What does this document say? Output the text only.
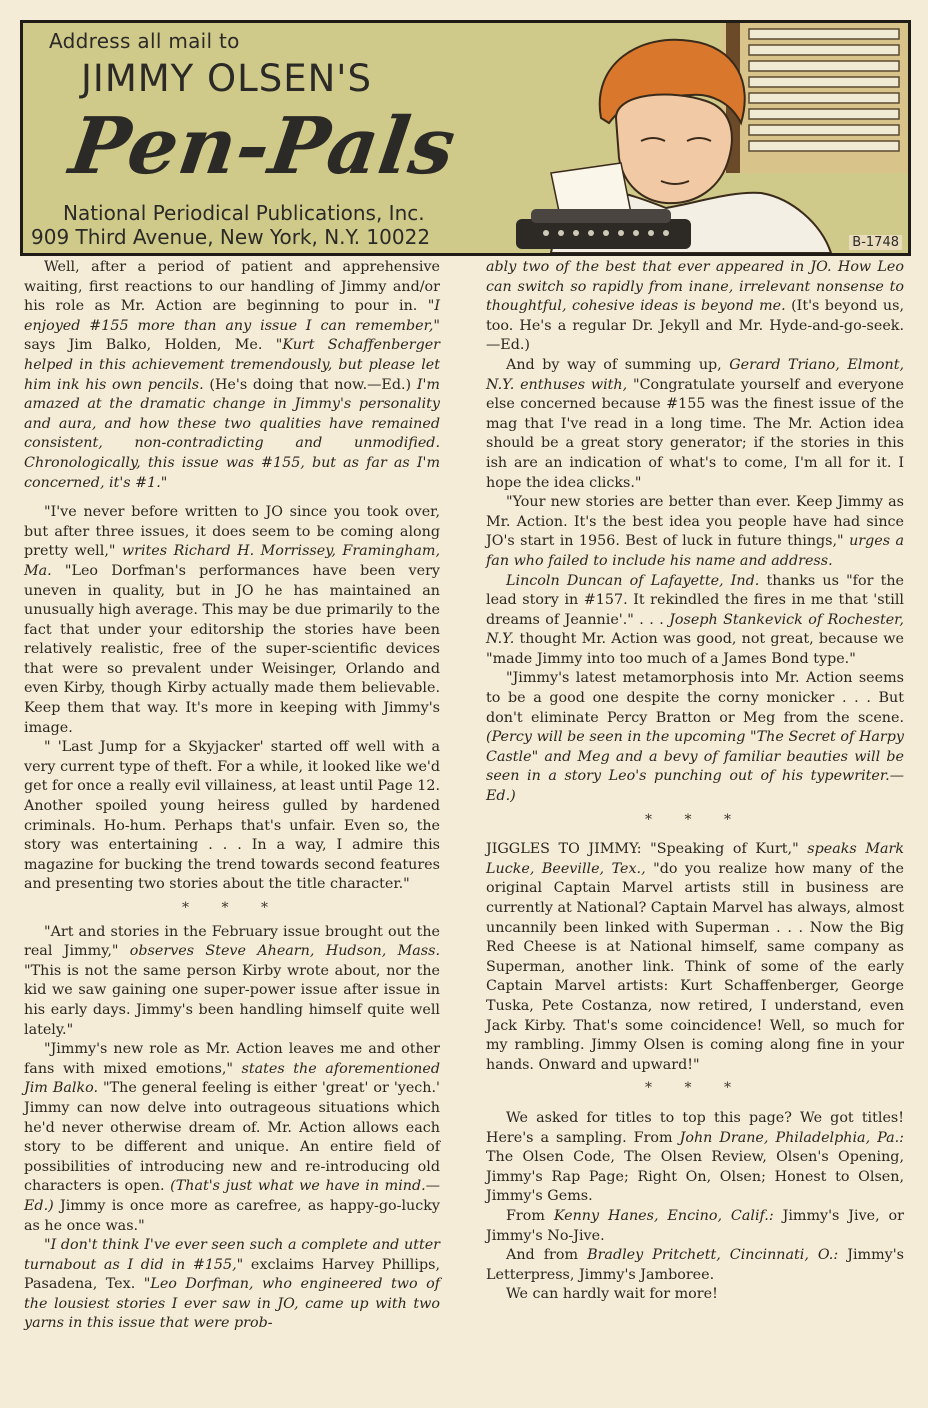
Address all mail to
JIMMY OLSEN'S
Pen-Pals
National Periodical Publications, Inc.
909 Third Avenue, New York, N.Y. 10022	B-1748

Well, after a period of patient and apprehensive waiting, first reactions to our handling of Jimmy and/or his role as Mr. Action are beginning to pour in. "I enjoyed #155 more than any issue I can remember," says Jim Balko, Holden, Me. "Kurt Schaffenberger helped in this achievement tremendously, but please let him ink his own pencils. (He's doing that now.—Ed.) I'm amazed at the dramatic change in Jimmy's personality and aura, and how these two qualities have remained consistent, non-contradicting and unmodified. Chronologically, this issue was #155, but as far as I'm concerned, it's #1."

"I've never before written to JO since you took over, but after three issues, it does seem to be coming along pretty well," writes Richard H. Morrissey, Framingham, Ma. "Leo Dorfman's performances have been very uneven in quality, but in JO he has maintained an unusually high average. This may be due primarily to the fact that under your editorship the stories have been relatively realistic, free of the super-scientific devices that were so prevalent under Weisinger, Orlando and even Kirby, though Kirby actually made them believable. Keep them that way. It's more in keeping with Jimmy's image.

" 'Last Jump for a Skyjacker' started off well with a very current type of theft. For a while, it looked like we'd get for once a really evil villainess, at least until Page 12. Another spoiled young heiress gulled by hardened criminals. Ho-hum. Perhaps that's unfair. Even so, the story was entertaining . . . In a way, I admire this magazine for bucking the trend towards second features and presenting two stories about the title character."

* * *

"Art and stories in the February issue brought out the real Jimmy," observes Steve Ahearn, Hudson, Mass. "This is not the same person Kirby wrote about, nor the kid we saw gaining one super-power issue after issue in his early days. Jimmy's been handling himself quite well lately."

"Jimmy's new role as Mr. Action leaves me and other fans with mixed emotions," states the aforementioned Jim Balko. "The general feeling is either 'great' or 'yech.' Jimmy can now delve into outrageous situations which he'd never otherwise dream of. Mr. Action allows each story to be different and unique. An entire field of possibilities of introducing new and re-introducing old characters is open. (That's just what we have in mind.—Ed.) Jimmy is once more as carefree, as happy-go-lucky as he once was."

"I don't think I've ever seen such a complete and utter turnabout as I did in #155," exclaims Harvey Phillips, Pasadena, Tex. "Leo Dorfman, who engineered two of the lousiest stories I ever saw in JO, came up with two yarns in this issue that were prob-

ably two of the best that ever appeared in JO. How Leo can switch so rapidly from inane, irrelevant nonsense to thoughtful, cohesive ideas is beyond me. (It's beyond us, too. He's a regular Dr. Jekyll and Mr. Hyde-and-go-seek.—Ed.)

And by way of summing up, Gerard Triano, Elmont, N.Y. enthuses with, "Congratulate yourself and everyone else concerned because #155 was the finest issue of the mag that I've read in a long time. The Mr. Action idea should be a great story generator; if the stories in this ish are an indication of what's to come, I'm all for it. I hope the idea clicks."

"Your new stories are better than ever. Keep Jimmy as Mr. Action. It's the best idea you people have had since JO's start in 1956. Best of luck in future things," urges a fan who failed to include his name and address.

Lincoln Duncan of Lafayette, Ind. thanks us "for the lead story in #157. It rekindled the fires in me that 'still dreams of Jeannie'." . . . Joseph Stankevick of Rochester, N.Y. thought Mr. Action was good, not great, because we "made Jimmy into too much of a James Bond type."

"Jimmy's latest metamorphosis into Mr. Action seems to be a good one despite the corny monicker . . . But don't eliminate Percy Bratton or Meg from the scene. (Percy will be seen in the upcoming "The Secret of Harpy Castle" and Meg and a bevy of familiar beauties will be seen in a story Leo's punching out of his typewriter.—Ed.)

* * *

JIGGLES TO JIMMY: "Speaking of Kurt," speaks Mark Lucke, Beeville, Tex., "do you realize how many of the original Captain Marvel artists still in business are currently at National? Captain Marvel has always, almost uncannily been linked with Superman . . . Now the Big Red Cheese is at National himself, same company as Superman, another link. Think of some of the early Captain Marvel artists: Kurt Schaffenberger, George Tuska, Pete Costanza, now retired, I understand, even Jack Kirby. That's some coincidence! Well, so much for my rambling. Jimmy Olsen is coming along fine in your hands. Onward and upward!"

* * *

We asked for titles to top this page? We got titles! Here's a sampling. From John Drane, Philadelphia, Pa.: The Olsen Code, The Olsen Review, Olsen's Opening, Jimmy's Rap Page; Right On, Olsen; Honest to Olsen, Jimmy's Gems.

From Kenny Hanes, Encino, Calif.: Jimmy's Jive, or Jimmy's No-Jive.

And from Bradley Pritchett, Cincinnati, O.: Jimmy's Letterpress, Jimmy's Jamboree.

We can hardly wait for more!
